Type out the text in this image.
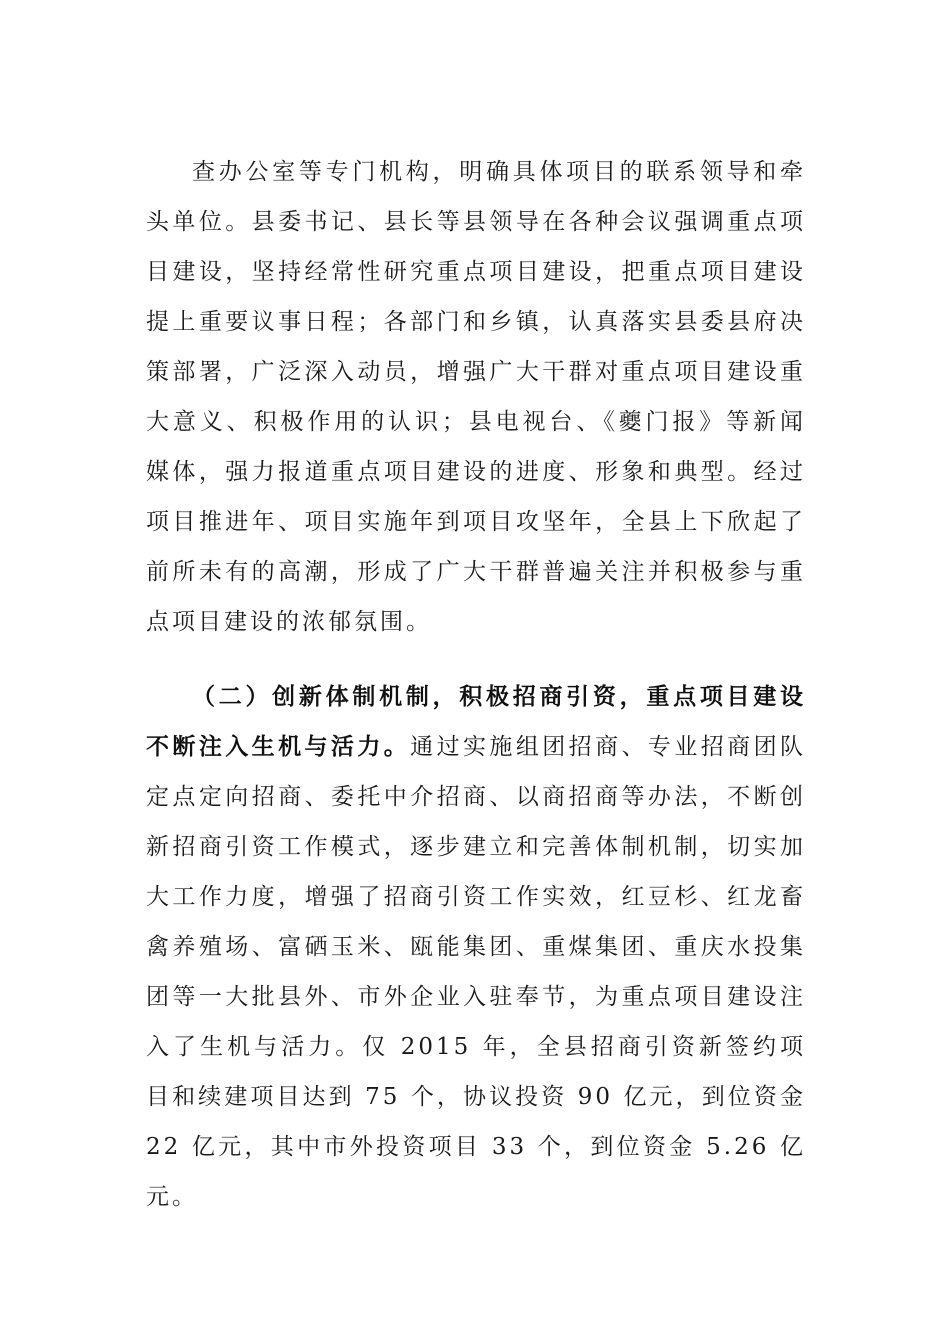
查办公室等专门机构，明确具体项目的联系领导和牵头单位。县委书记、县长等县领导在各种会议强调重点项目建设，坚持经常性研究重点项目建设，把重点项目建设提上重要议事日程；各部门和乡镇，认真落实县委县府决策部署，广泛深入动员，增强广大干群对重点项目建设重大意义、积极作用的认识；县电视台、《夔门报》等新闻媒体，强力报道重点项目建设的进度、形象和典型。经过项目推进年、项目实施年到项目攻坚年，全县上下欣起了前所未有的高潮，形成了广大干群普遍关注并积极参与重点项目建设的浓郁氛围。

（二）创新体制机制，积极招商引资，重点项目建设不断注入生机与活力。通过实施组团招商、专业招商团队定点定向招商、委托中介招商、以商招商等办法，不断创新招商引资工作模式，逐步建立和完善体制机制，切实加大工作力度，增强了招商引资工作实效，红豆杉、红龙畜禽养殖场、富硒玉米、瓯能集团、重煤集团、重庆水投集团等一大批县外、市外企业入驻奉节，为重点项目建设注入了生机与活力。仅 2015 年，全县招商引资新签约项目和续建项目达到 75 个，协议投资 90 亿元，到位资金 22 亿元，其中市外投资项目 33 个，到位资金 5.26 亿元。
